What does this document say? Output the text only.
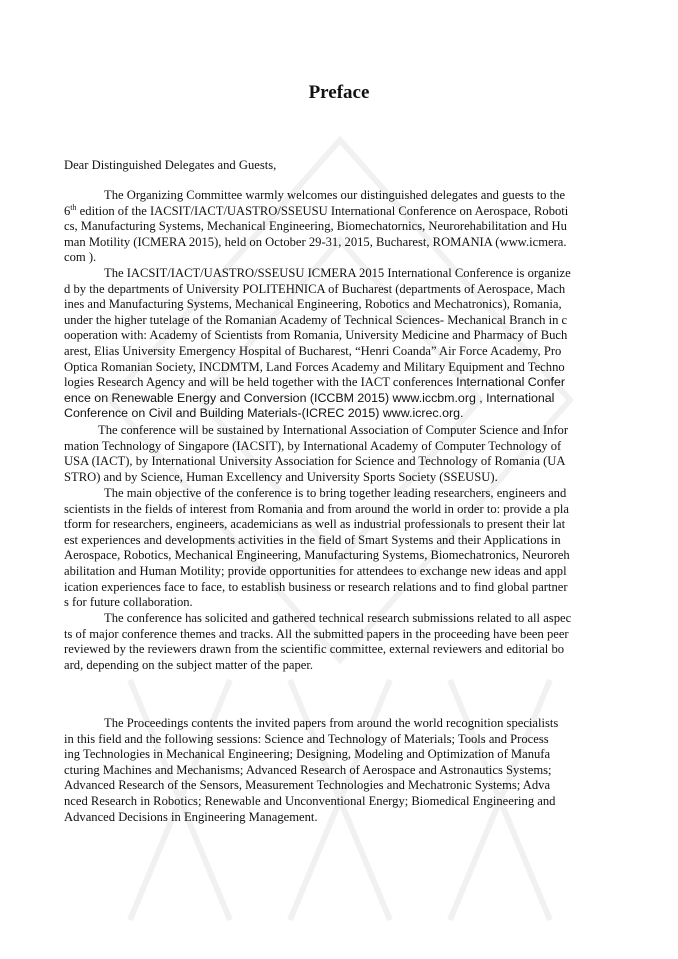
Preface
Dear Distinguished Delegates and Guests,
The Organizing Committee warmly welcomes our distinguished delegates and guests to the
6th edition of the IACSIT/IACT/UASTRO/SSEUSU International Conference on Aerospace, Roboti
cs, Manufacturing Systems, Mechanical Engineering, Biomechatornics, Neurorehabilitation and Hu
man Motility (ICMERA 2015), held on October 29-31, 2015, Bucharest, ROMANIA (www.icmera.
com ).
The IACSIT/IACT/UASTRO/SSEUSU ICMERA 2015 International Conference is organize
d by the departments of University POLITEHNICA of Bucharest (departments of Aerospace, Mach
ines and Manufacturing Systems, Mechanical Engineering, Robotics and Mechatronics), Romania,
under the higher tutelage of the Romanian Academy of Technical Sciences- Mechanical Branch in c
ooperation with: Academy of Scientists from Romania, University Medicine and Pharmacy of Buch
arest, Elias University Emergency Hospital of Bucharest, “Henri Coanda” Air Force Academy, Pro
Optica Romanian Society, INCDMTM, Land Forces Academy and Military Equipment and Techno
logies Research Agency and will be held together with the IACT conferences International Confer
ence on Renewable Energy and Conversion (ICCBM 2015) www.iccbm.org , International
Conference on Civil and Building Materials-(ICREC 2015) www.icrec.org.
The conference will be sustained by International Association of Computer Science and Infor
mation Technology of Singapore (IACSIT), by International Academy of Computer Technology of
USA (IACT), by International University Association for Science and Technology of Romania (UA
STRO) and by Science, Human Excellency and University Sports Society (SSEUSU).
The main objective of the conference is to bring together leading researchers, engineers and
scientists in the fields of interest from Romania and from around the world in order to: provide a pla
tform for researchers, engineers, academicians as well as industrial professionals to present their lat
est experiences and developments activities in the field of Smart Systems and their Applications in
Aerospace, Robotics, Mechanical Engineering, Manufacturing Systems, Biomechatronics, Neuroreh
abilitation and Human Motility; provide opportunities for attendees to exchange new ideas and appl
ication experiences face to face, to establish business or research relations and to find global partner
s for future collaboration.
The conference has solicited and gathered technical research submissions related to all aspec
ts of major conference themes and tracks. All the submitted papers in the proceeding have been peer
reviewed by the reviewers drawn from the scientific committee, external reviewers and editorial bo
ard, depending on the subject matter of the paper.
The Proceedings contents the invited papers from around the world recognition specialists
in this field and the following sessions: Science and Technology of Materials; Tools and Process
ing Technologies in Mechanical Engineering; Designing, Modeling and Optimization of Manufa
cturing Machines and Mechanisms; Advanced Research of Aerospace and Astronautics Systems;
Advanced Research of the Sensors, Measurement Technologies and Mechatronic Systems; Adva
nced Research in Robotics; Renewable and Unconventional Energy; Biomedical Engineering and
Advanced Decisions in Engineering Management.
